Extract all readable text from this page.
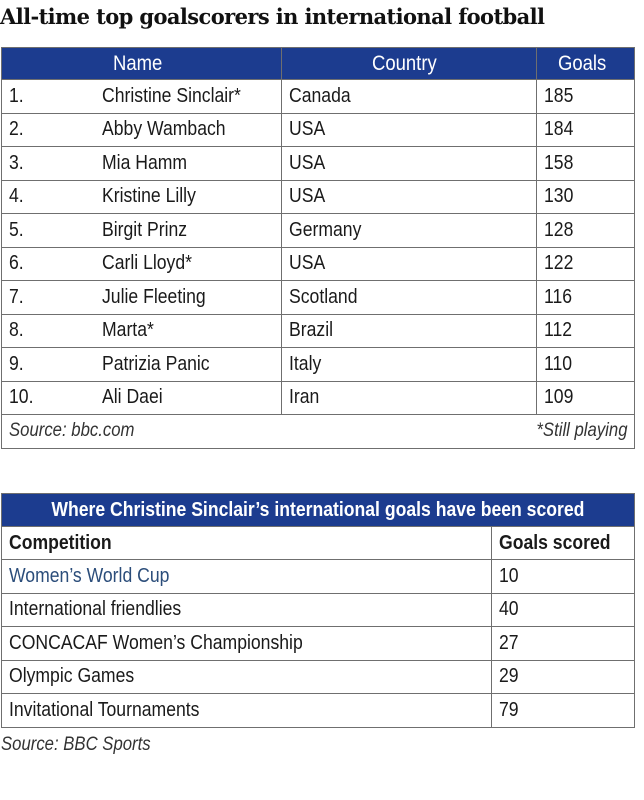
All-time top goalscorers in international football
Name		Country	Goals
1.	Christine Sinclair*	Canada	185
2.	Abby Wambach	USA	184
3.	Mia Hamm	USA	158
4.	Kristine Lilly	USA	130
5.	Birgit Prinz	Germany	128
6.	Carli Lloyd*	USA	122
7.	Julie Fleeting	Scotland	116
8.	Marta*	Brazil	112
9.	Patrizia Panic	Italy	110
10.	Ali Daei	Iran	109
Source: bbc.com *Still playing			
Where Christine Sinclair’s international goals have been scored	
Competition	Goals scored
Women’s World Cup	10
International friendlies	40
CONCACAF Women’s Championship	27
Olympic Games	29
Invitational Tournaments	79
Source: BBC Sports
